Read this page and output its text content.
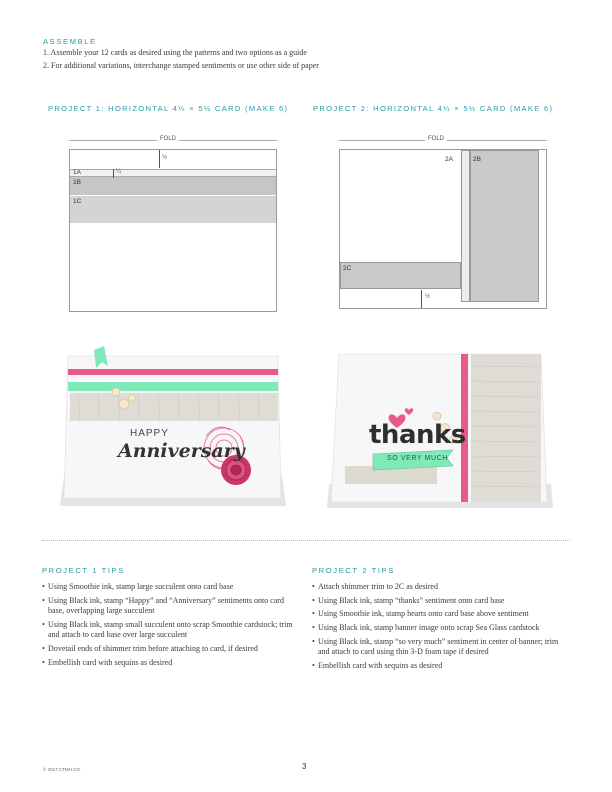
ASSEMBLE
1. Assemble your 12 cards as desired using the patterns and two options as a guide
2. For additional variations, interchange stamped sentiments or use other side of paper
PROJECT 1: HORIZONTAL 4¼ × 5½ CARD (MAKE 6)	PROJECT 2: HORIZONTAL 4¼ × 5½ CARD (MAKE 6)
FOLD
1A
1B
1C
½
¼
FOLD
2A	2B
2C
½
HAPPY
Anniversary
thanks
SO VERY MUCH
PROJECT 1 TIPS
• Using Smoothie ink, stamp large succulent onto card base
• Using Black ink, stamp “Happy” and “Anniversary” sentiments onto card base, overlapping large succulent
• Using Black ink, stamp small succulent onto scrap Smoothie cardstock; trim and attach to card base over large succulent
• Dovetail ends of shimmer trim before attaching to card, if desired
• Embellish card with sequins as desired
PROJECT 2 TIPS
• Attach shimmer trim to 2C as desired
• Using Black ink, stamp “thanks” sentiment onto card base
• Using Smoothie ink, stamp hearts onto card base above sentiment
• Using Black ink, stamp banner image onto scrap Sea Glass cardstock
• Using Black ink, stamp “so very much” sentiment in center of banner; trim and attach to card using thin 3-D foam tape if desired
• Embellish card with sequins as desired
© 2017 CTMH CO.	3
